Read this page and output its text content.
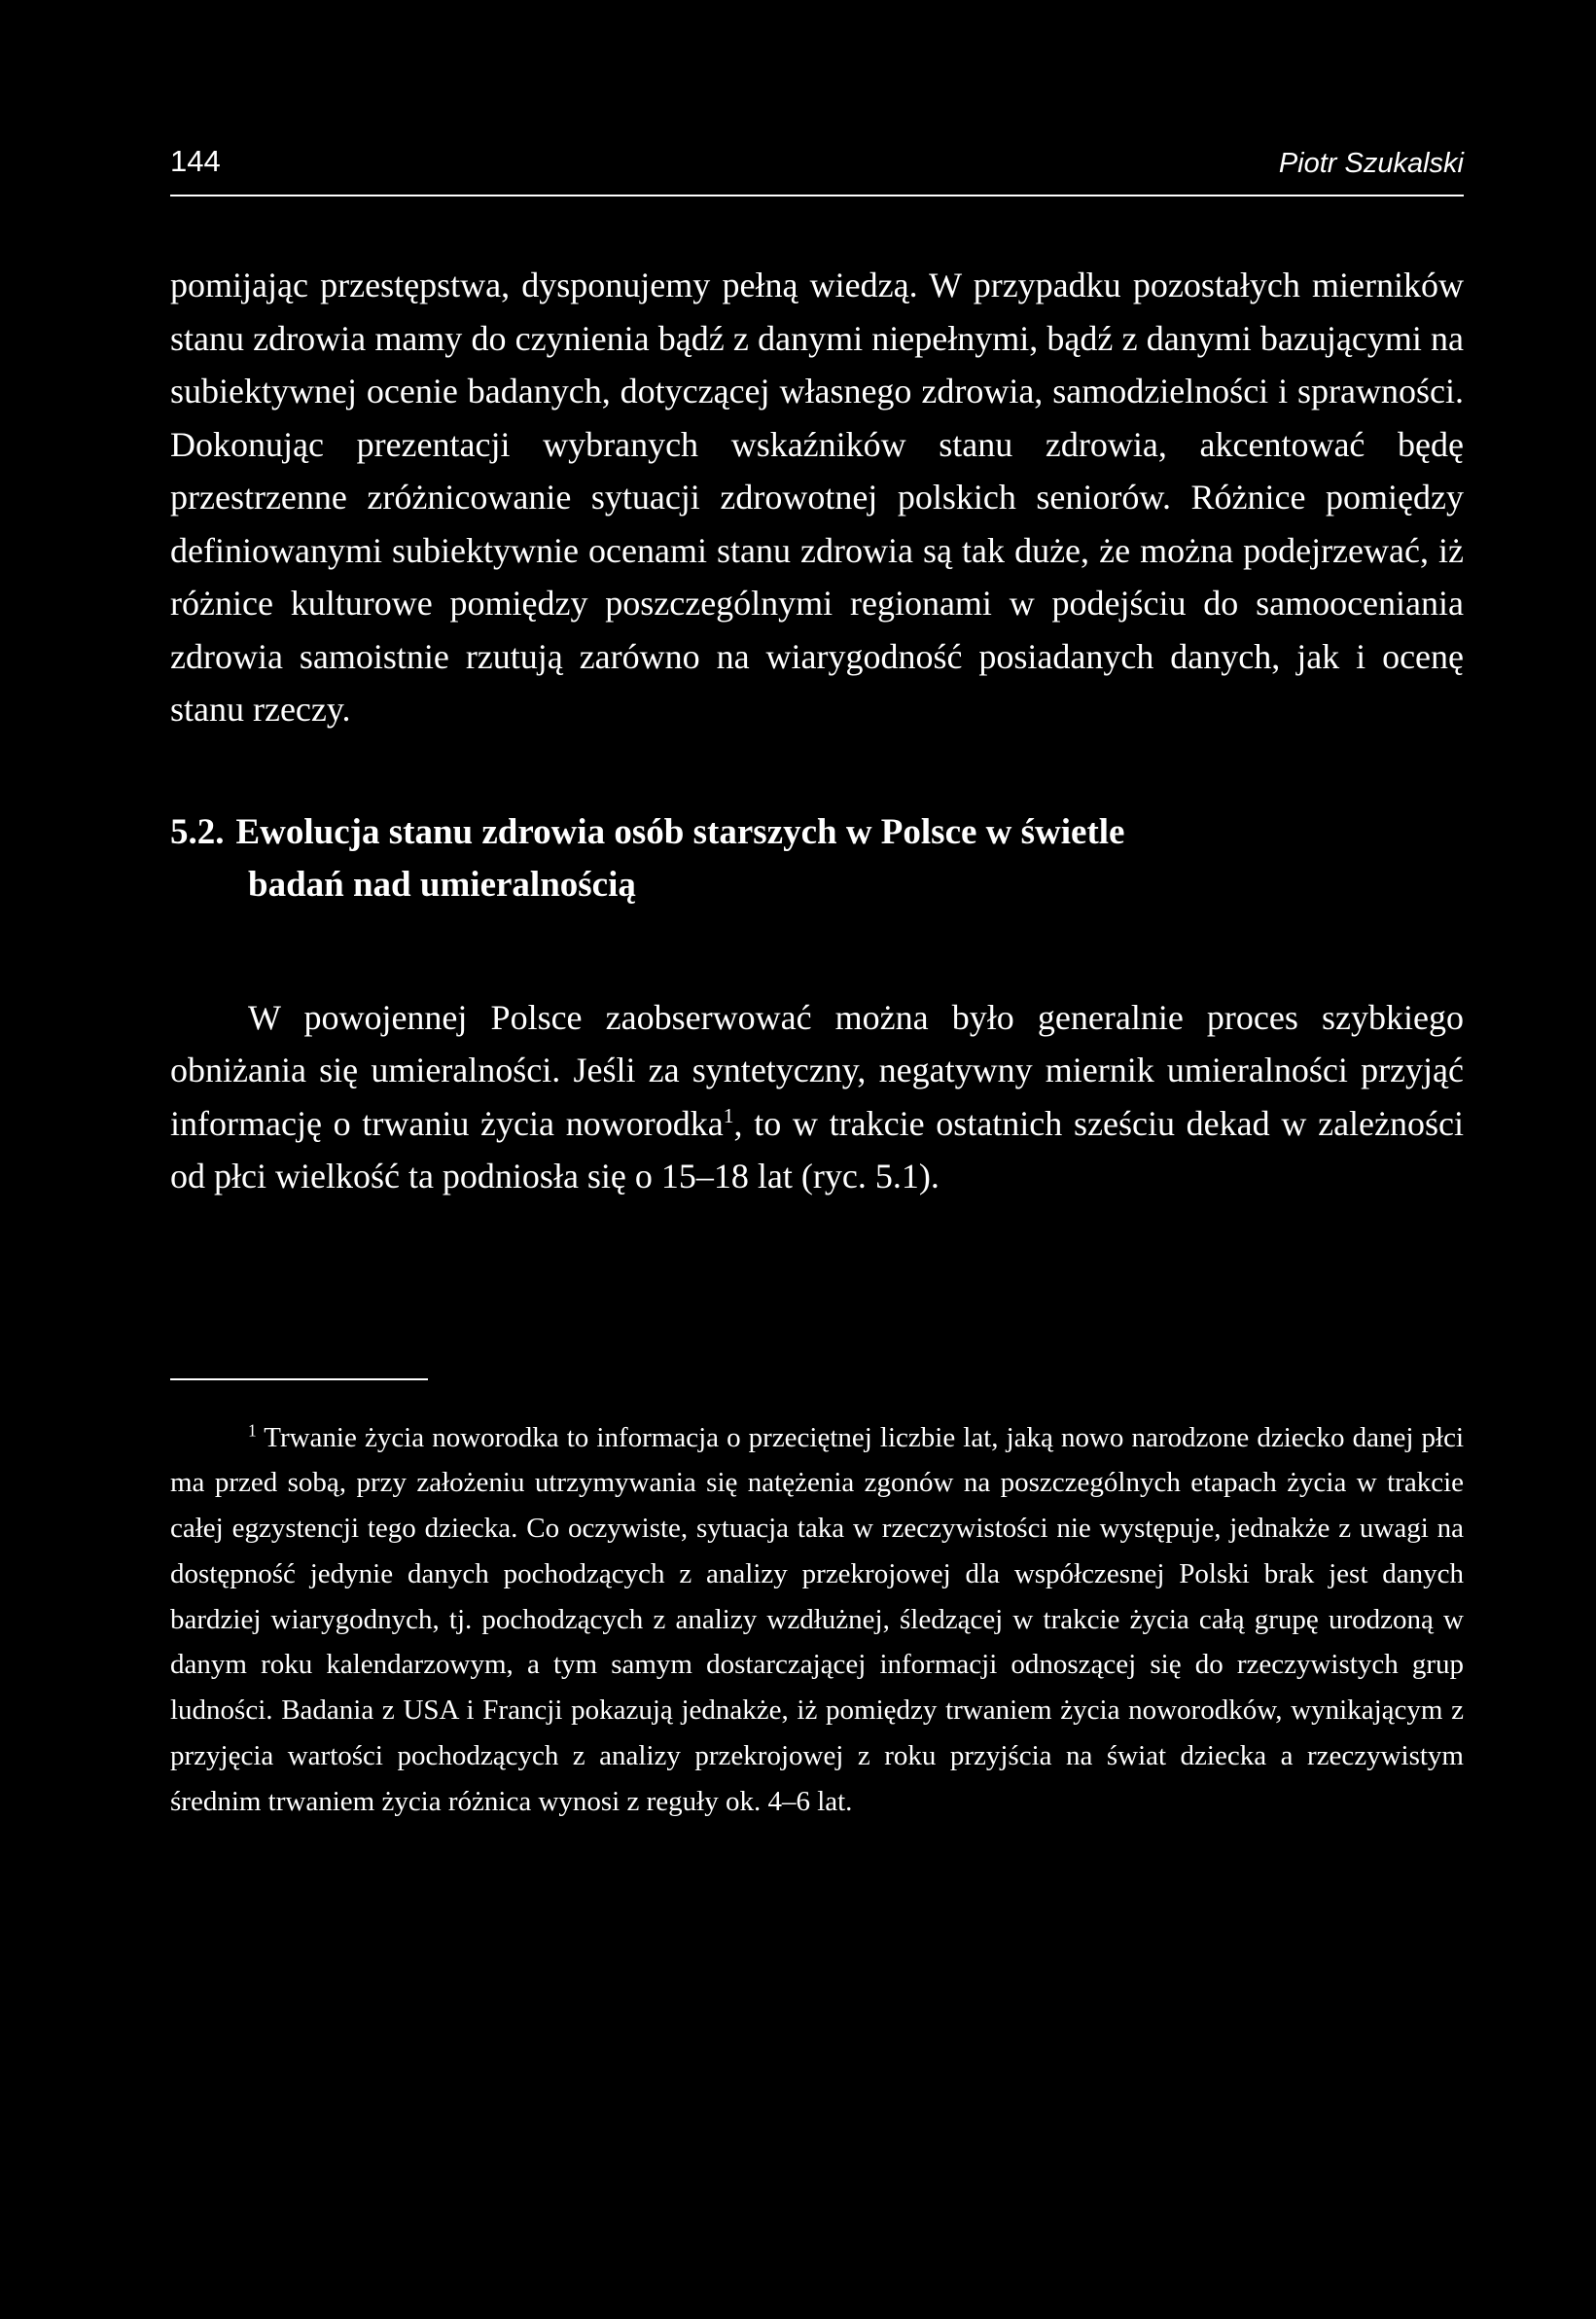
144	Piotr Szukalski

pomijając przestępstwa, dysponujemy pełną wiedzą. W przypadku pozostałych mierników stanu zdrowia mamy do czynienia bądź z danymi niepełnymi, bądź z danymi bazującymi na subiektywnej ocenie badanych, dotyczącej własnego zdrowia, samodzielności i sprawności. Dokonując prezentacji wybranych wskaźników stanu zdrowia, akcentować będę przestrzenne zróżnicowanie sytuacji zdrowotnej polskich seniorów. Różnice pomiędzy definiowanymi subiektywnie ocenami stanu zdrowia są tak duże, że można podejrzewać, iż różnice kulturowe pomiędzy poszczególnymi regionami w podejściu do samooceniania zdrowia samoistnie rzutują zarówno na wiarygodność posiadanych danych, jak i ocenę stanu rzeczy.

5.2. Ewolucja stanu zdrowia osób starszych w Polsce w świetle
badań nad umieralnością

W powojennej Polsce zaobserwować można było generalnie proces szybkiego obniżania się umieralności. Jeśli za syntetyczny, negatywny miernik umieralności przyjąć informację o trwaniu życia noworodka$^1$, to w trakcie ostatnich sześciu dekad w zależności od płci wielkość ta podniosła się o 15–18 lat (ryc. 5.1).

$^1$ Trwanie życia noworodka to informacja o przeciętnej liczbie lat, jaką nowo narodzone dziecko danej płci ma przed sobą, przy założeniu utrzymywania się natężenia zgonów na poszczególnych etapach życia w trakcie całej egzystencji tego dziecka. Co oczywiste, sytuacja taka w rzeczywistości nie występuje, jednakże z uwagi na dostępność jedynie danych pochodzących z analizy przekrojowej dla współczesnej Polski brak jest danych bardziej wiarygodnych, tj. pochodzących z analizy wzdłużnej, śledzącej w trakcie życia całą grupę urodzoną w danym roku kalendarzowym, a tym samym dostarczającej informacji odnoszącej się do rzeczywistych grup ludności. Badania z USA i Francji pokazują jednakże, iż pomiędzy trwaniem życia noworodków, wynikającym z przyjęcia wartości pochodzących z analizy przekrojowej z roku przyjścia na świat dziecka a rzeczywistym średnim trwaniem życia różnica wynosi z reguły ok. 4–6 lat.
